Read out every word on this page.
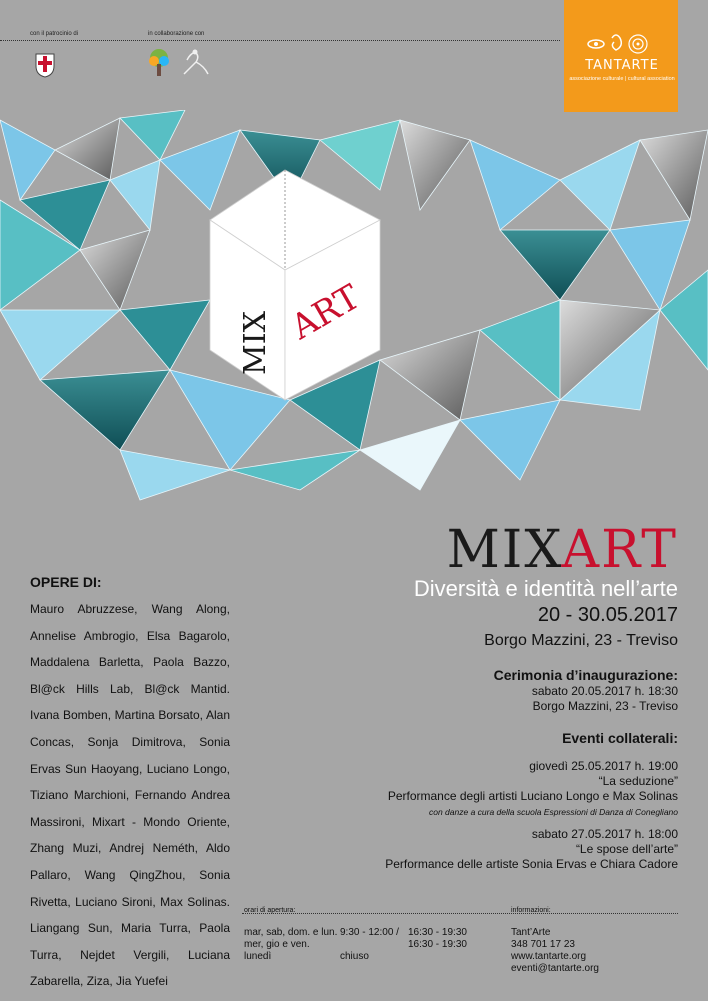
con il patrocinio di	in collaborazione con
TANTARTE
associazione culturale | cultural association
MIX ART
MIXART
Diversità e identità nell’arte
20 - 30.05.2017
Borgo Mazzini, 23 - Treviso
Cerimonia d’inaugurazione:
sabato 20.05.2017 h. 18:30
Borgo Mazzini, 23 - Treviso
Eventi collaterali:
giovedì 25.05.2017 h. 19:00
“La seduzione”
Performance degli artisti Luciano Longo e Max Solinas
con danze a cura della scuola Espressioni di Danza di Conegliano
sabato 27.05.2017 h. 18:00
“Le spose dell’arte”
Performance delle artiste Sonia Ervas e Chiara Cadore
OPERE DI:
Mauro Abruzzese, Wang Along, Annelise Ambrogio, Elsa Bagarolo, Maddalena Barletta, Paola Bazzo, Bl@ck Hills Lab, Bl@ck Mantid. Ivana Bomben, Martina Borsato, Alan Concas, Sonja Dimitrova, Sonia Ervas Sun Haoyang, Luciano Longo, Tiziano Marchioni, Fernando Andrea Massironi, Mixart - Mondo Oriente, Zhang Muzi, Andrej Neméth, Aldo Pallaro, Wang QingZhou, Sonia Rivetta, Luciano Sironi, Max Solinas. Liangang Sun, Maria Turra, Paola Turra, Nejdet Vergili, Luciana Zabarella, Ziza, Jia Yuefei
orari di apertura:
mar, sab, dom. e lun. 9:30 - 12:00 / 16:30 - 19:30
mer, gio e ven.	16:30 - 19:30
lunedì	chiuso
informazioni:
Tant’Arte
348 701 17 23
www.tantarte.org
eventi@tantarte.org
